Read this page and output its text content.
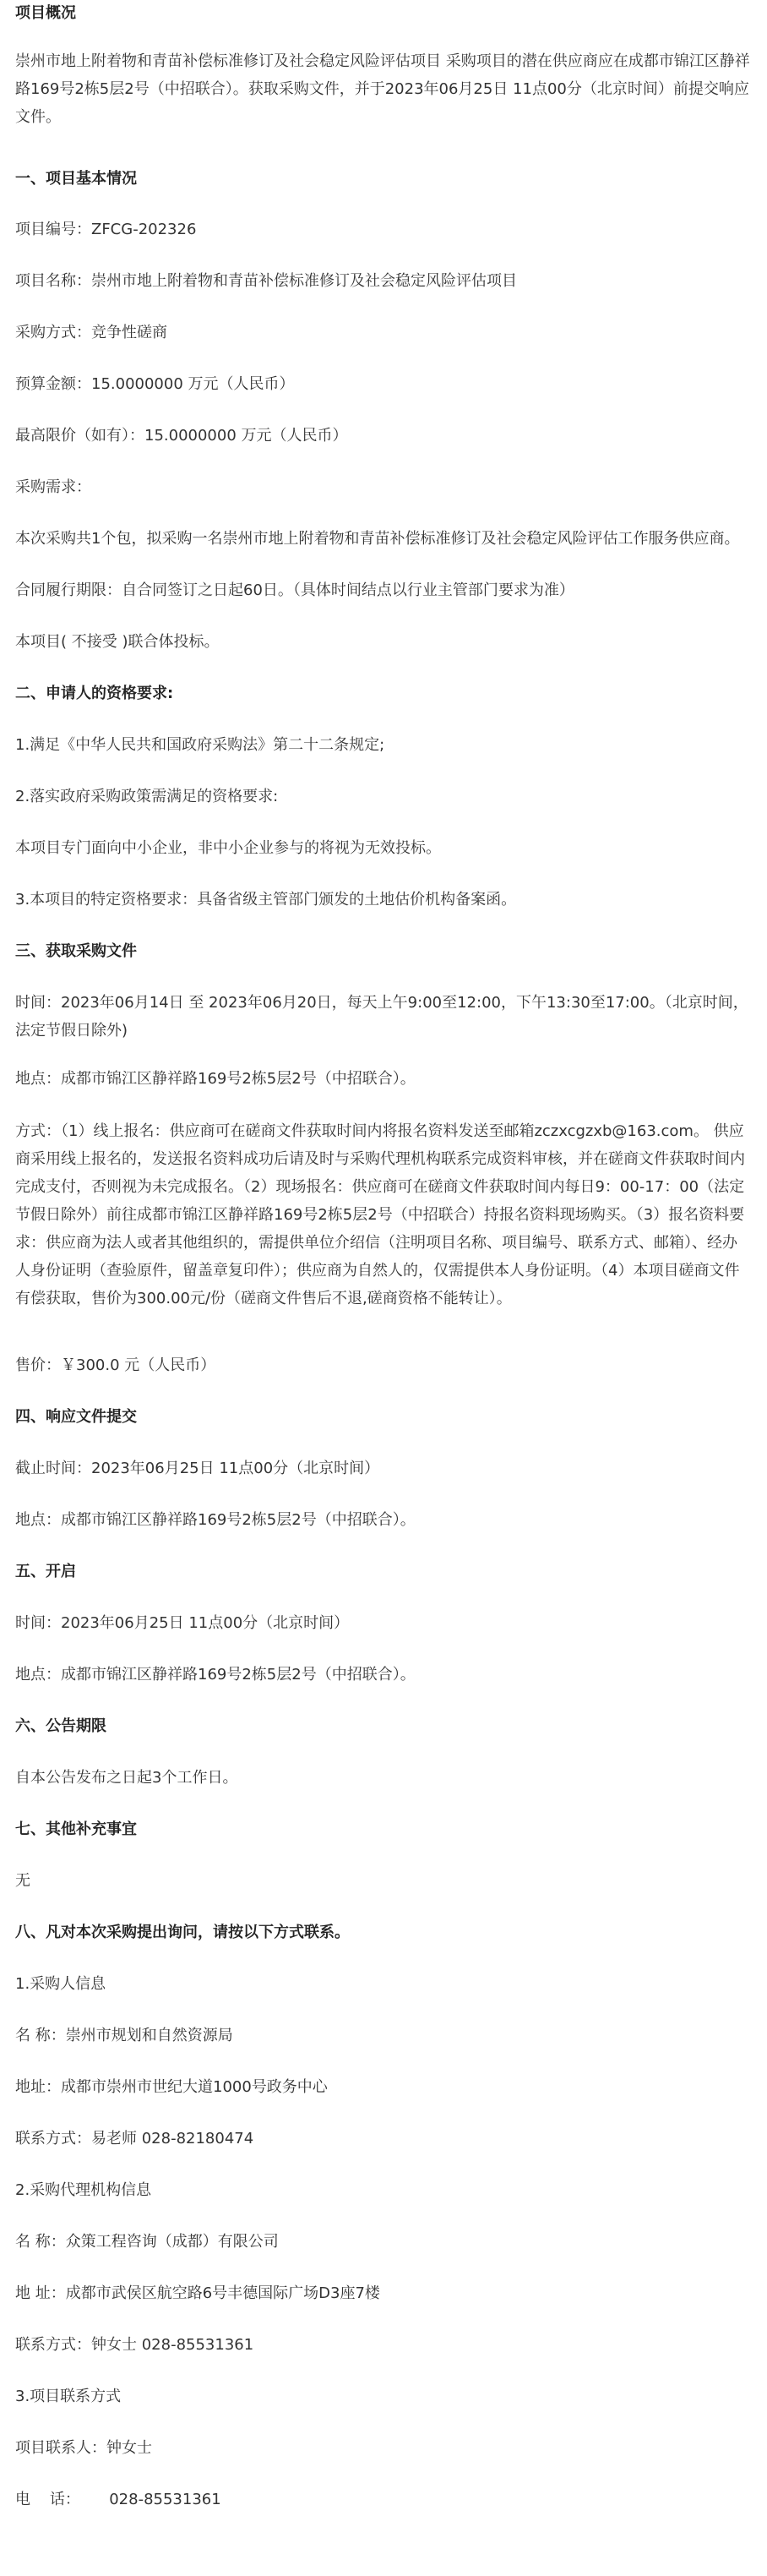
项目概况

崇州市地上附着物和青苗补偿标准修订及社会稳定风险评估项目 采购项目的潜在供应商应在成都市锦江区静祥路169号2栋5层2号（中招联合）。获取采购文件，并于2023年06月25日 11点00分（北京时间）前提交响应文件。

一、项目基本情况

项目编号：ZFCG-202326

项目名称：崇州市地上附着物和青苗补偿标准修订及社会稳定风险评估项目

采购方式：竞争性磋商

预算金额：15.0000000 万元（人民币）

最高限价（如有）：15.0000000 万元（人民币）

采购需求：

本次采购共1个包，拟采购一名崇州市地上附着物和青苗补偿标准修订及社会稳定风险评估工作服务供应商。

合同履行期限：自合同签订之日起60日。（具体时间结点以行业主管部门要求为准）

本项目( 不接受 )联合体投标。

二、申请人的资格要求:

1.满足《中华人民共和国政府采购法》第二十二条规定;

2.落实政府采购政策需满足的资格要求:

本项目专门面向中小企业，非中小企业参与的将视为无效投标。

3.本项目的特定资格要求：具备省级主管部门颁发的土地估价机构备案函。

三、获取采购文件

时间：2023年06月14日 至 2023年06月20日，每天上午9:00至12:00，下午13:30至17:00。（北京时间，法定节假日除外)

地点：成都市锦江区静祥路169号2栋5层2号（中招联合）。

方式：（1）线上报名：供应商可在磋商文件获取时间内将报名资料发送至邮箱zczxcgzxb@163.com。 供应商采用线上报名的，发送报名资料成功后请及时与采购代理机构联系完成资料审核，并在磋商文件获取时间内完成支付，否则视为未完成报名。（2）现场报名：供应商可在磋商文件获取时间内每日9：00-17：00（法定节假日除外）前往成都市锦江区静祥路169号2栋5层2号（中招联合）持报名资料现场购买。（3）报名资料要求：供应商为法人或者其他组织的，需提供单位介绍信（注明项目名称、项目编号、联系方式、邮箱）、经办人身份证明（查验原件，留盖章复印件）；供应商为自然人的，仅需提供本人身份证明。（4）本项目磋商文件有偿获取，售价为300.00元/份（磋商文件售后不退,磋商资格不能转让）。

售价：￥300.0 元（人民币）

四、响应文件提交

截止时间：2023年06月25日 11点00分（北京时间）

地点：成都市锦江区静祥路169号2栋5层2号（中招联合）。

五、开启

时间：2023年06月25日 11点00分（北京时间）

地点：成都市锦江区静祥路169号2栋5层2号（中招联合）。

六、公告期限

自本公告发布之日起3个工作日。

七、其他补充事宜

无

八、凡对本次采购提出询问，请按以下方式联系。

1.采购人信息

名 称：崇州市规划和自然资源局

地址：成都市崇州市世纪大道1000号政务中心

联系方式：易老师 028-82180474

2.采购代理机构信息

名 称：众策工程咨询（成都）有限公司

地 址：成都市武侯区航空路6号丰德国际广场D3座7楼

联系方式：钟女士 028-85531361

3.项目联系方式

项目联系人：钟女士

电    话：      028-85531361
